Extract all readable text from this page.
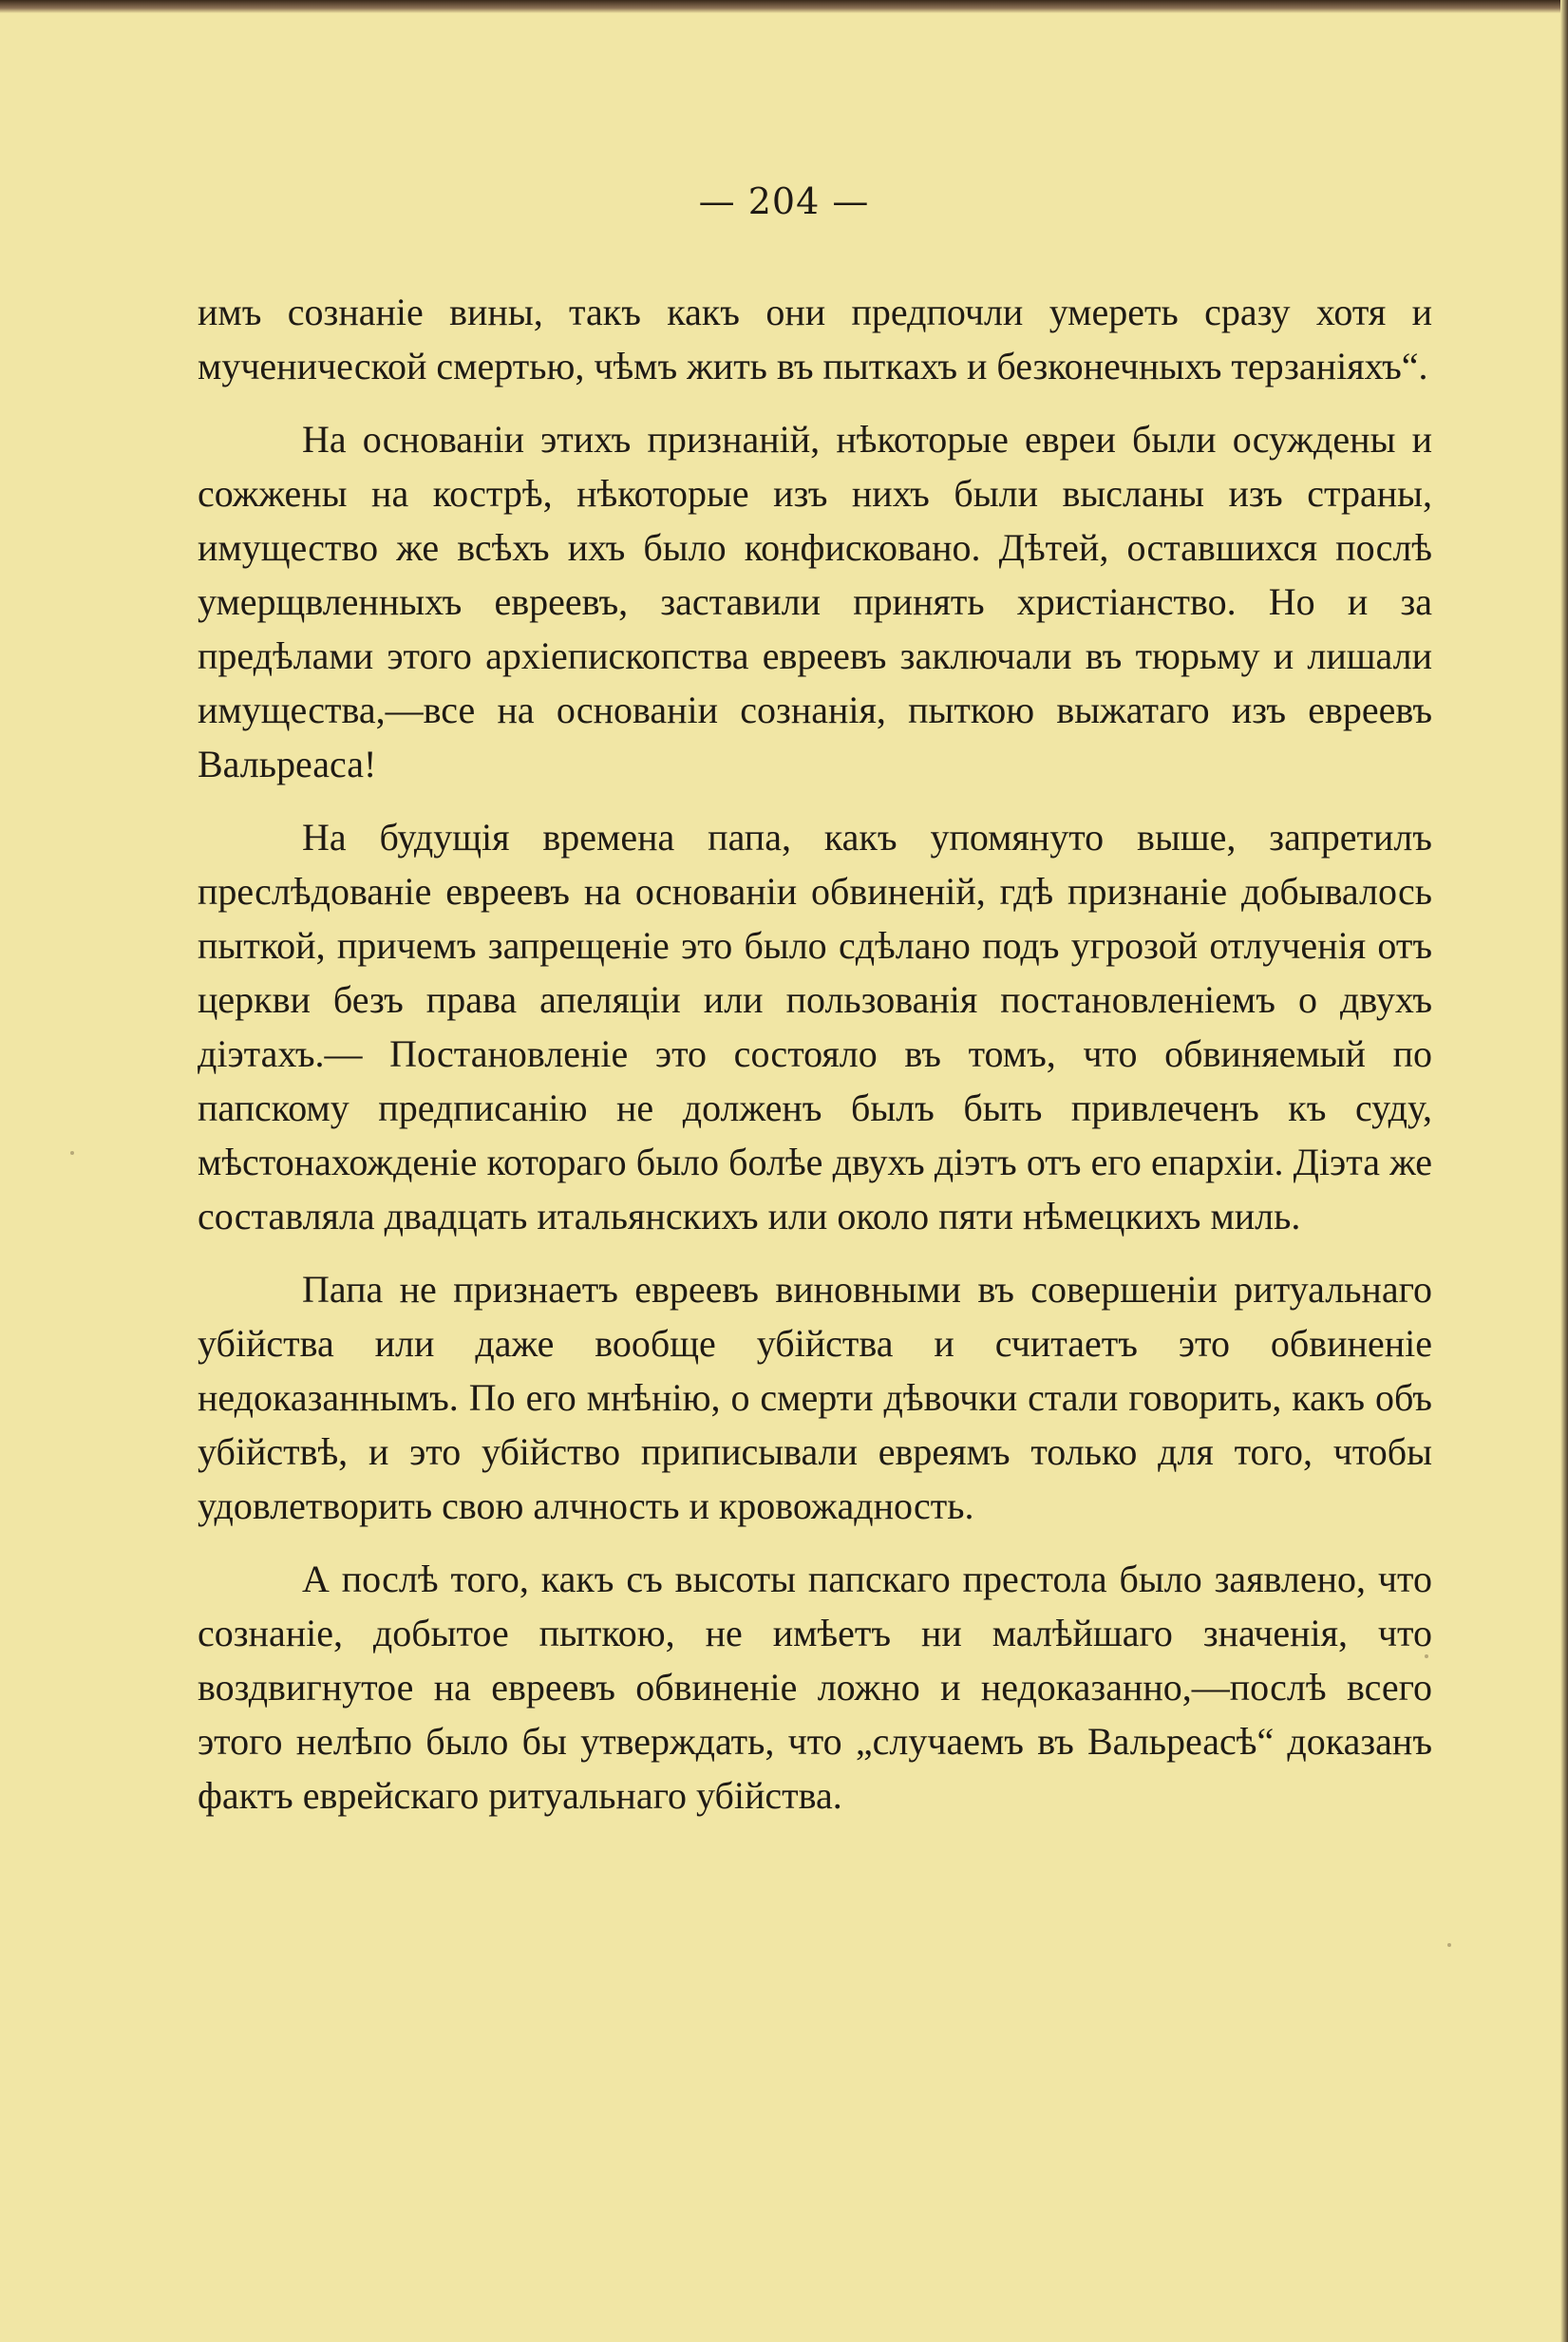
— 204 —

имъ сознаніе вины, такъ какъ они предпочли умереть сразу хотя и мученической смертью, чѣмъ жить въ пыткахъ и безконечныхъ терзаніяхъ“.

На основаніи этихъ признаній, нѣкоторые евреи были осуждены и сожжены на кострѣ, нѣкоторые изъ нихъ были высланы изъ страны, имущество же всѣхъ ихъ было конфисковано. Дѣтей, оставшихся послѣ умерщвленныхъ евреевъ, заставили принять христіанство. Но и за предѣлами этого архіепископства евреевъ заключали въ тюрьму и лишали имущества,—все на основаніи сознанія, пыткою выжатаго изъ евреевъ Вальреаса!

На будущія времена папа, какъ упомянуто выше, запретилъ преслѣдованіе евреевъ на основаніи обвиненій, гдѣ признаніе добывалось пыткой, причемъ запрещеніе это было сдѣлано подъ угрозой отлученія отъ церкви безъ права апеляціи или пользованія постановленіемъ о двухъ діэтахъ.— Постановленіе это состояло въ томъ, что обвиняемый по папскому предписанію не долженъ былъ быть привлеченъ къ суду, мѣстонахожденіе котораго было болѣе двухъ діэтъ отъ его епархіи. Діэта же составляла двадцать итальянскихъ или около пяти нѣмецкихъ миль.

Папа не признаетъ евреевъ виновными въ совершеніи ритуальнаго убійства или даже вообще убійства и считаетъ это обвиненіе недоказаннымъ. По его мнѣнію, о смерти дѣвочки стали говорить, какъ объ убійствѣ, и это убійство приписывали евреямъ только для того, чтобы удовлетворить свою алчность и кровожадность.

А послѣ того, какъ съ высоты папскаго престола было заявлено, что сознаніе, добытое пыткою, не имѣетъ ни малѣйшаго значенія, что воздвигнутое на евреевъ обвиненіе ложно и недоказанно,—послѣ всего этого нелѣпо было бы утверждать, что „случаемъ въ Вальреасѣ“ доказанъ фактъ еврейскаго ритуальнаго убійства.
